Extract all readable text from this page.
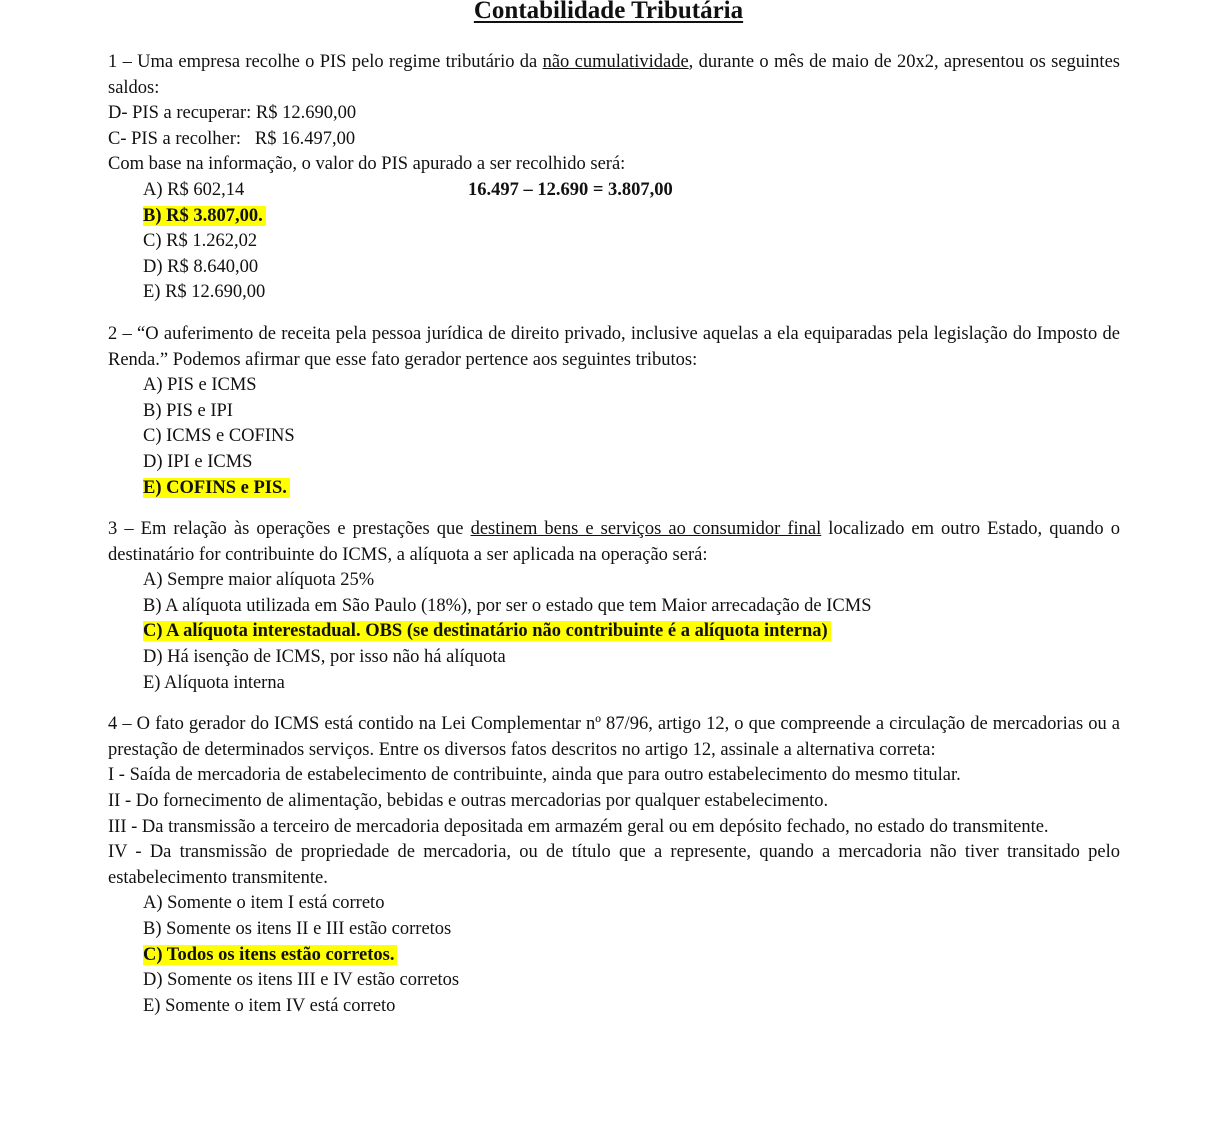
Contabilidade Tributária

1 – Uma empresa recolhe o PIS pelo regime tributário da não cumulatividade, durante o mês de maio de 20x2, apresentou os seguintes saldos:

D- PIS a recuperar: R$ 12.690,00

C- PIS a recolher:   R$ 16.497,00

Com base na informação, o valor do PIS apurado a ser recolhido será:

A) R$ 602,14	16.497 – 12.690 = 3.807,00
B) R$ 3.807,00.
C) R$ 1.262,02
D) R$ 8.640,00
E) R$ 12.690,00

2 – “O auferimento de receita pela pessoa jurídica de direito privado, inclusive aquelas a ela equiparadas pela legislação do Imposto de Renda.” Podemos afirmar que esse fato gerador pertence aos seguintes tributos:

A) PIS e ICMS
B) PIS e IPI
C) ICMS e COFINS
D) IPI e ICMS
E) COFINS e PIS.

3 – Em relação às operações e prestações que destinem bens e serviços ao consumidor final localizado em outro Estado, quando o destinatário for contribuinte do ICMS, a alíquota a ser aplicada na operação será:

A) Sempre maior alíquota 25%
B) A alíquota utilizada em São Paulo (18%), por ser o estado que tem Maior arrecadação de ICMS
C) A alíquota interestadual. OBS (se destinatário não contribuinte é a alíquota interna)
D) Há isenção de ICMS, por isso não há alíquota
E) Alíquota interna

4 – O fato gerador do ICMS está contido na Lei Complementar nº 87/96, artigo 12, o que compreende a circulação de mercadorias ou a prestação de determinados serviços. Entre os diversos fatos descritos no artigo 12, assinale a alternativa correta:

I - Saída de mercadoria de estabelecimento de contribuinte, ainda que para outro estabelecimento do mesmo titular.

II - Do fornecimento de alimentação, bebidas e outras mercadorias por qualquer estabelecimento.

III - Da transmissão a terceiro de mercadoria depositada em armazém geral ou em depósito fechado, no estado do transmitente.

IV - Da transmissão de propriedade de mercadoria, ou de título que a represente, quando a mercadoria não tiver transitado pelo estabelecimento transmitente.

A) Somente o item I está correto
B) Somente os itens II e III estão corretos
C) Todos os itens estão corretos.
D) Somente os itens III e IV estão corretos
E) Somente o item IV está correto
